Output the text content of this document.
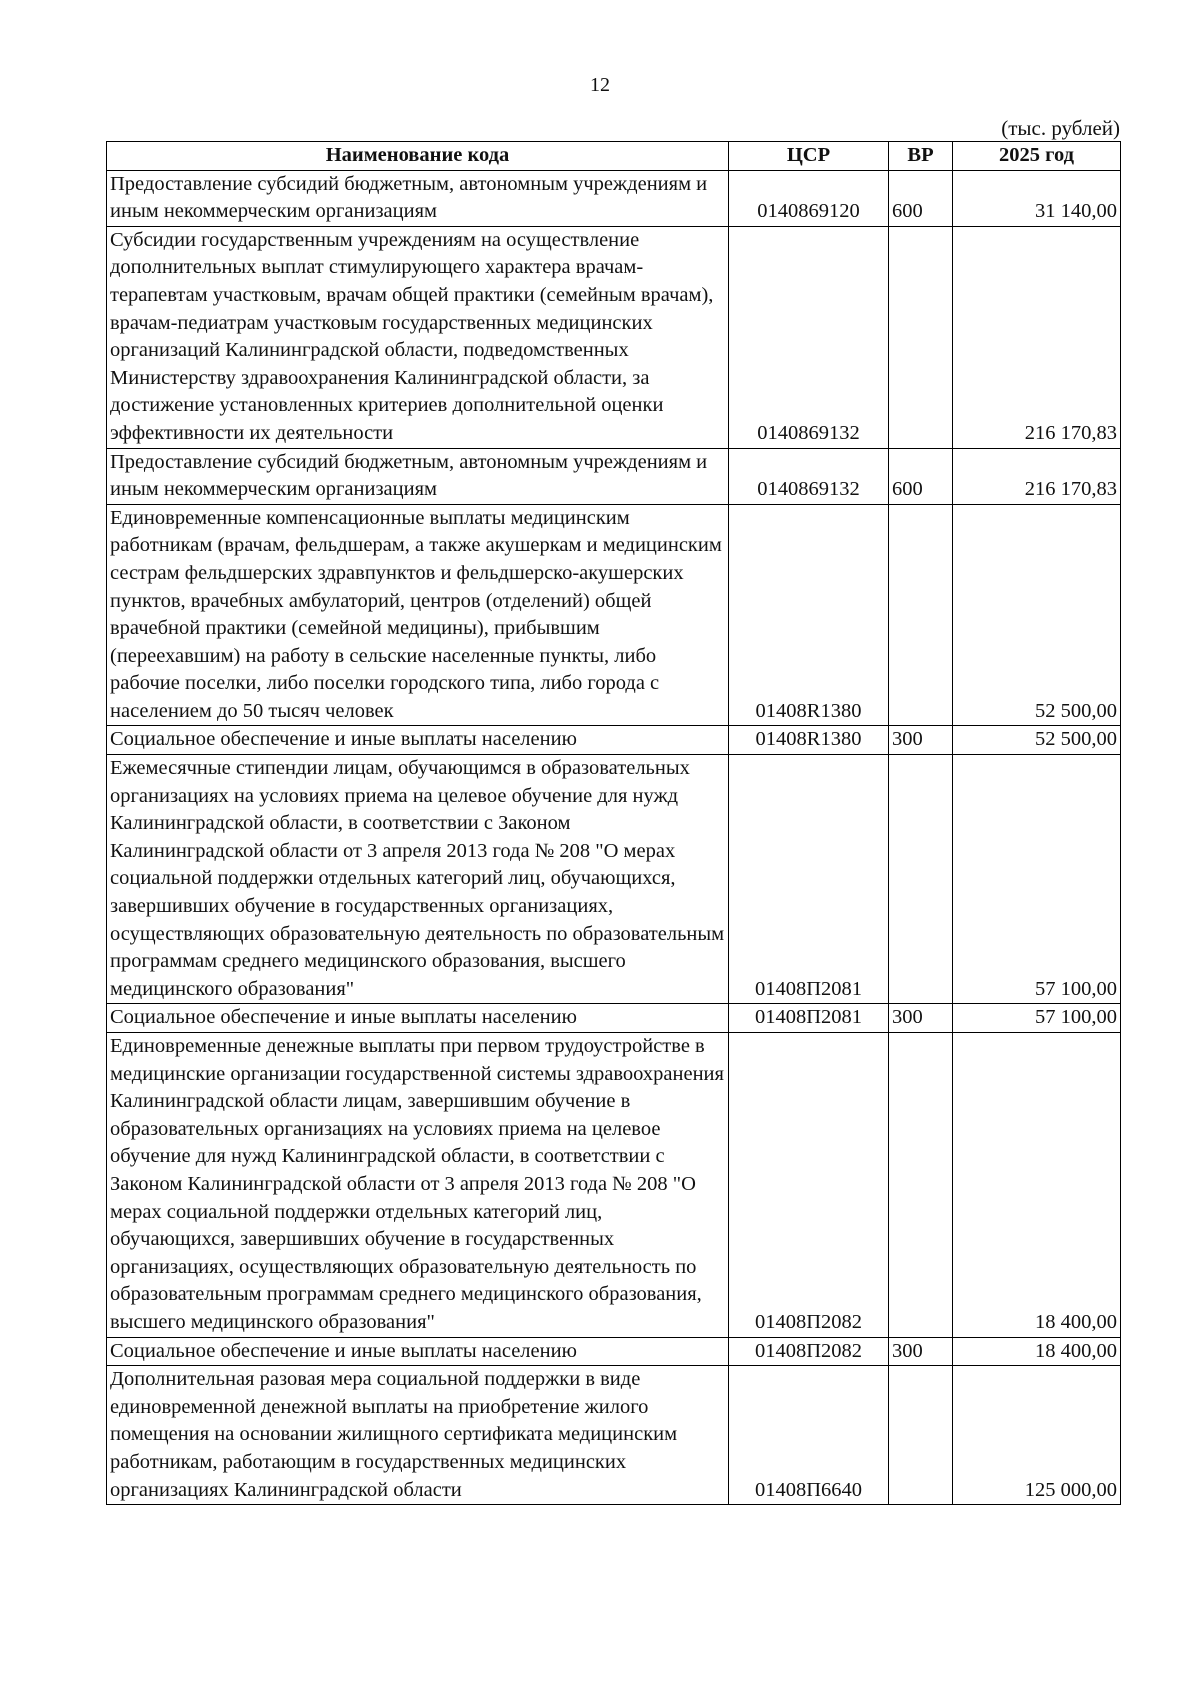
12
(тыс. рублей)
Наименование кода	ЦСР	ВР	2025 год
Предоставление субсидий бюджетным, автономным учреждениям и иным некоммерческим организациям	0140869120	600	31 140,00
Субсидии государственным учреждениям на осуществление дополнительных выплат стимулирующего характера врачам-терапевтам участковым, врачам общей практики (семейным врачам), врачам-педиатрам участковым государственных медицинских организаций Калининградской области, подведомственных Министерству здравоохранения Калининградской области, за достижение установленных критериев дополнительной оценки эффективности их деятельности	0140869132		216 170,83
Предоставление субсидий бюджетным, автономным учреждениям и иным некоммерческим организациям	0140869132	600	216 170,83
Единовременные компенсационные выплаты медицинским работникам (врачам, фельдшерам, а также акушеркам и медицинским сестрам фельдшерских здравпунктов и фельдшерско-акушерских пунктов, врачебных амбулаторий, центров (отделений) общей врачебной практики (семейной медицины), прибывшим (переехавшим) на работу в сельские населенные пункты, либо рабочие поселки, либо поселки городского типа, либо города с населением до 50 тысяч человек	01408R1380		52 500,00
Социальное обеспечение и иные выплаты населению	01408R1380	300	52 500,00
Ежемесячные стипендии лицам, обучающимся в образовательных организациях на условиях приема на целевое обучение для нужд Калининградской области, в соответствии с Законом Калининградской области от 3 апреля 2013 года № 208 "О мерах социальной поддержки отдельных категорий лиц, обучающихся, завершивших обучение в государственных организациях, осуществляющих образовательную деятельность по образовательным программам среднего медицинского образования, высшего медицинского образования"	01408П2081		57 100,00
Социальное обеспечение и иные выплаты населению	01408П2081	300	57 100,00
Единовременные денежные выплаты при первом трудоустройстве в медицинские организации государственной системы здравоохранения Калининградской области лицам, завершившим обучение в образовательных организациях на условиях приема на целевое обучение для нужд Калининградской области, в соответствии с Законом Калининградской области от 3 апреля 2013 года № 208 "О мерах социальной поддержки отдельных категорий лиц, обучающихся, завершивших обучение в государственных организациях, осуществляющих образовательную деятельность по образовательным программам среднего медицинского образования, высшего медицинского образования"	01408П2082		18 400,00
Социальное обеспечение и иные выплаты населению	01408П2082	300	18 400,00
Дополнительная разовая мера социальной поддержки в виде единовременной денежной выплаты на приобретение жилого помещения на основании жилищного сертификата медицинским работникам, работающим в государственных медицинских организациях Калининградской области	01408П6640		125 000,00
